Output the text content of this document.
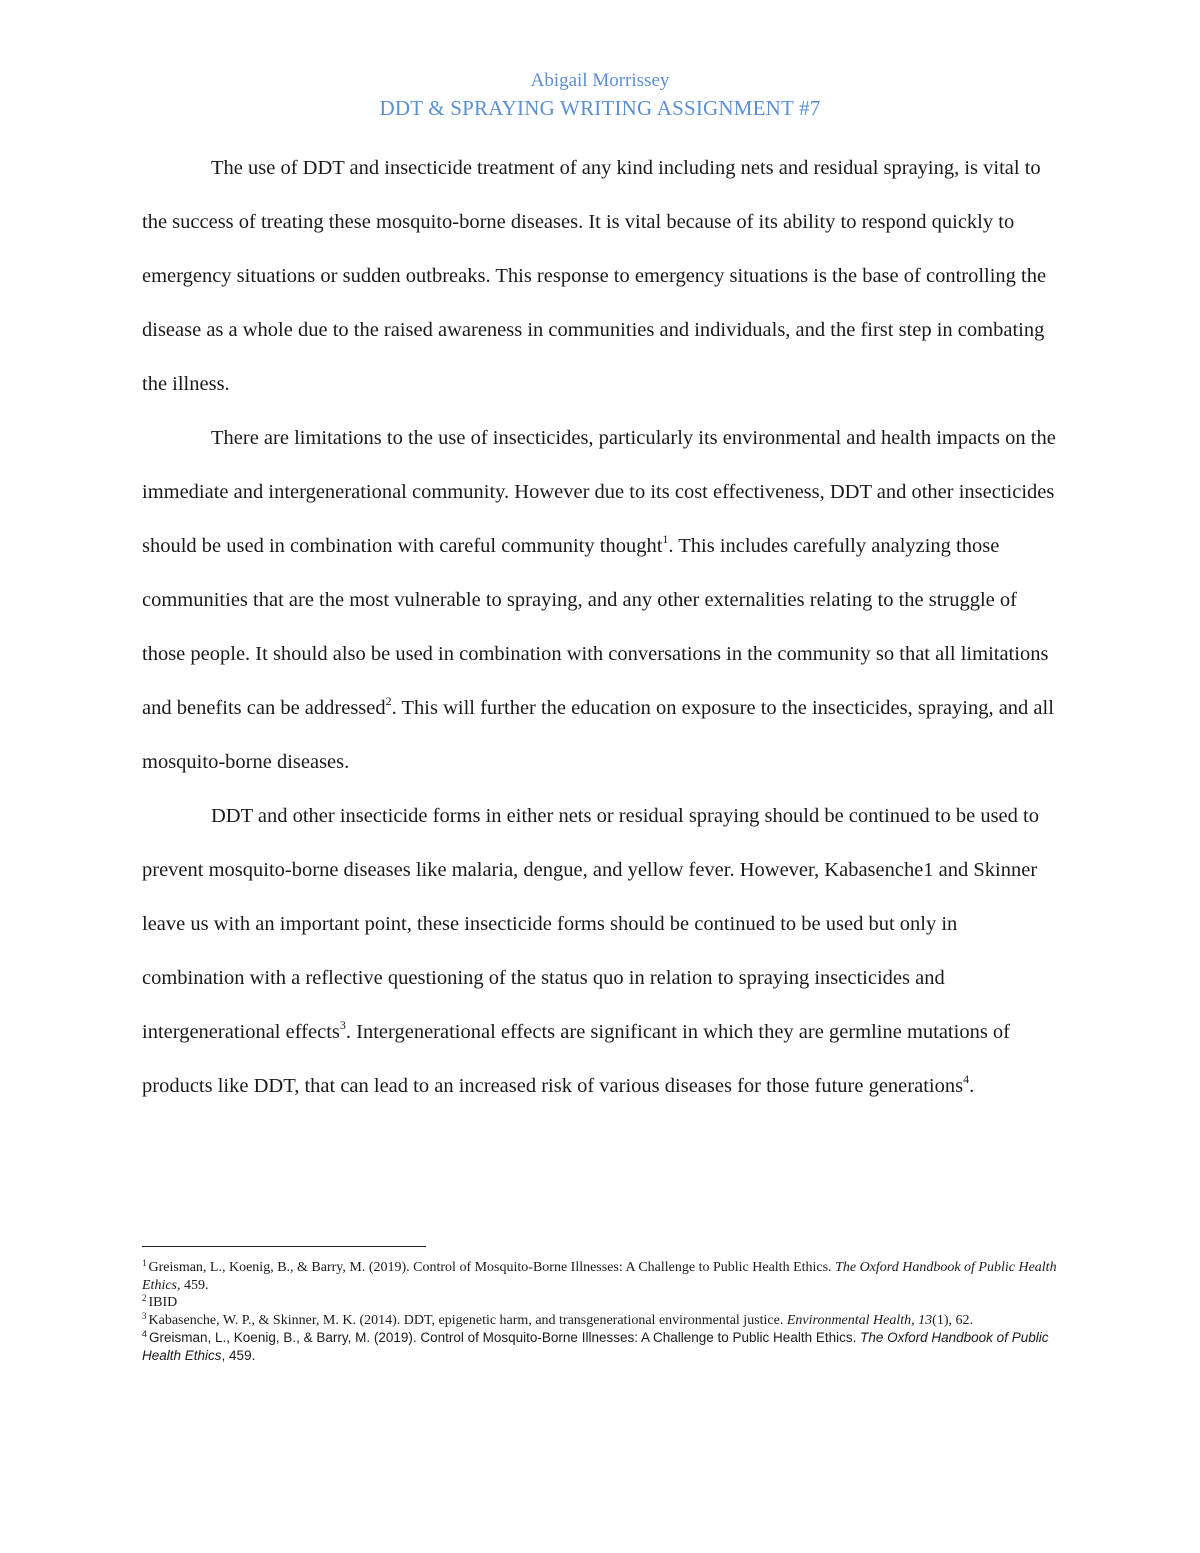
Abigail Morrissey
DDT & SPRAYING WRITING ASSIGNMENT #7

The use of DDT and insecticide treatment of any kind including nets and residual spraying, is vital to the success of treating these mosquito-borne diseases. It is vital because of its ability to respond quickly to emergency situations or sudden outbreaks. This response to emergency situations is the base of controlling the disease as a whole due to the raised awareness in communities and individuals, and the first step in combating the illness.

There are limitations to the use of insecticides, particularly its environmental and health impacts on the immediate and intergenerational community. However due to its cost effectiveness, DDT and other insecticides should be used in combination with careful community thought$^1$. This includes carefully analyzing those communities that are the most vulnerable to spraying, and any other externalities relating to the struggle of those people. It should also be used in combination with conversations in the community so that all limitations and benefits can be addressed$^2$. This will further the education on exposure to the insecticides, spraying, and all mosquito-borne diseases.

DDT and other insecticide forms in either nets or residual spraying should be continued to be used to prevent mosquito-borne diseases like malaria, dengue, and yellow fever. However, Kabasenche1 and Skinner leave us with an important point, these insecticide forms should be continued to be used but only in combination with a reflective questioning of the status quo in relation to spraying insecticides and intergenerational effects$^3$. Intergenerational effects are significant in which they are germline mutations of products like DDT, that can lead to an increased risk of various diseases for those future generations$^4$.

$^1$ Greisman, L., Koenig, B., & Barry, M. (2019). Control of Mosquito-Borne Illnesses: A Challenge to Public Health Ethics. The Oxford Handbook of Public Health Ethics, 459.

$^2$ IBID

$^3$ Kabasenche, W. P., & Skinner, M. K. (2014). DDT, epigenetic harm, and transgenerational environmental justice. Environmental Health, 13(1), 62.

$^4$ Greisman, L., Koenig, B., & Barry, M. (2019). Control of Mosquito-Borne Illnesses: A Challenge to Public Health Ethics. The Oxford Handbook of Public Health Ethics, 459.
